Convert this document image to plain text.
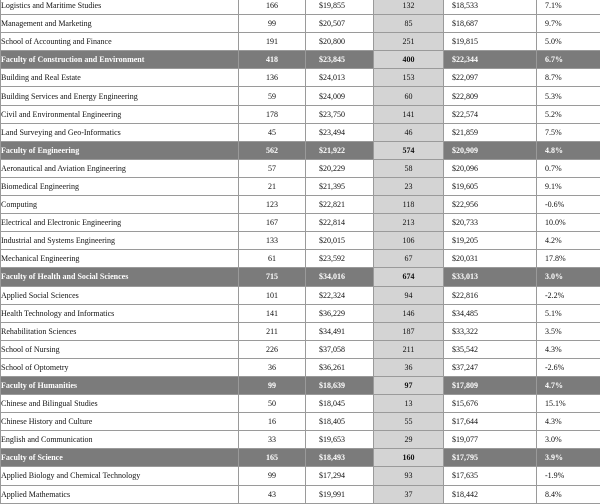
Logistics and Maritime Studies	166	$19,855	132	$18,533	7.1%
Management and Marketing	99	$20,507	85	$18,687	9.7%
School of Accounting and Finance	191	$20,800	251	$19,815	5.0%
Faculty of Construction and Environment	418	$23,845	400	$22,344	6.7%
Building and Real Estate	136	$24,013	153	$22,097	8.7%
Building Services and Energy Engineering	59	$24,009	60	$22,809	5.3%
Civil and Environmental Engineering	178	$23,750	141	$22,574	5.2%
Land Surveying and Geo-Informatics	45	$23,494	46	$21,859	7.5%
Faculty of Engineering	562	$21,922	574	$20,909	4.8%
Aeronautical and Aviation Engineering	57	$20,229	58	$20,096	0.7%
Biomedical Engineering	21	$21,395	23	$19,605	9.1%
Computing	123	$22,821	118	$22,956	-0.6%
Electrical and Electronic Engineering	167	$22,814	213	$20,733	10.0%
Industrial and Systems Engineering	133	$20,015	106	$19,205	4.2%
Mechanical Engineering	61	$23,592	67	$20,031	17.8%
Faculty of Health and Social Sciences	715	$34,016	674	$33,013	3.0%
Applied Social Sciences	101	$22,324	94	$22,816	-2.2%
Health Technology and Informatics	141	$36,229	146	$34,485	5.1%
Rehabilitation Sciences	211	$34,491	187	$33,322	3.5%
School of Nursing	226	$37,058	211	$35,542	4.3%
School of Optometry	36	$36,261	36	$37,247	-2.6%
Faculty of Humanities	99	$18,639	97	$17,809	4.7%
Chinese and Bilingual Studies	50	$18,045	13	$15,676	15.1%
Chinese History and Culture	16	$18,405	55	$17,644	4.3%
English and Communication	33	$19,653	29	$19,077	3.0%
Faculty of Science	165	$18,493	160	$17,795	3.9%
Applied Biology and Chemical Technology	99	$17,294	93	$17,635	-1.9%
Applied Mathematics	43	$19,991	37	$18,442	8.4%
